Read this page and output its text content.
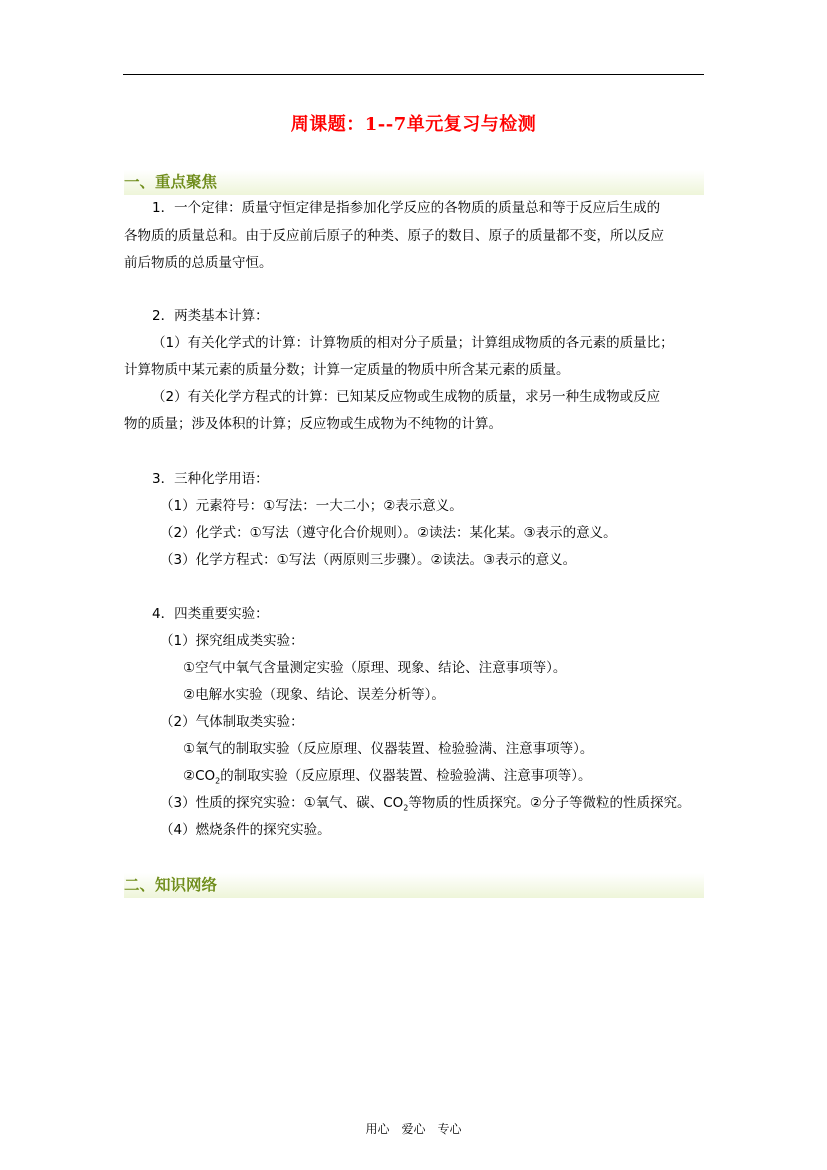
周课题：1--7单元复习与检测
一、重点聚焦
1．一个定律：质量守恒定律是指参加化学反应的各物质的质量总和等于反应后生成的
各物质的质量总和。由于反应前后原子的种类、原子的数目、原子的质量都不变，所以反应
前后物质的总质量守恒。
2．两类基本计算：
（1）有关化学式的计算：计算物质的相对分子质量；计算组成物质的各元素的质量比；
计算物质中某元素的质量分数；计算一定质量的物质中所含某元素的质量。
（2）有关化学方程式的计算：已知某反应物或生成物的质量，求另一种生成物或反应
物的质量；涉及体积的计算；反应物或生成物为不纯物的计算。
3．三种化学用语：
（1）元素符号：①写法：一大二小；②表示意义。
（2）化学式：①写法（遵守化合价规则）。②读法：某化某。③表示的意义。
（3）化学方程式：①写法（两原则三步骤）。②读法。③表示的意义。
4．四类重要实验：
（1）探究组成类实验：
①空气中氧气含量测定实验（原理、现象、结论、注意事项等）。
②电解水实验（现象、结论、误差分析等）。
（2）气体制取类实验：
①氧气的制取实验（反应原理、仪器装置、检验验满、注意事项等）。
$②CO_2$的制取实验（反应原理、仪器装置、检验验满、注意事项等）。
（3）性质的探究实验：①氧气、碳、$CO_2$等物质的性质探究。②分子等微粒的性质探究。
（4）燃烧条件的探究实验。
二、知识网络
用心　爱心　专心
